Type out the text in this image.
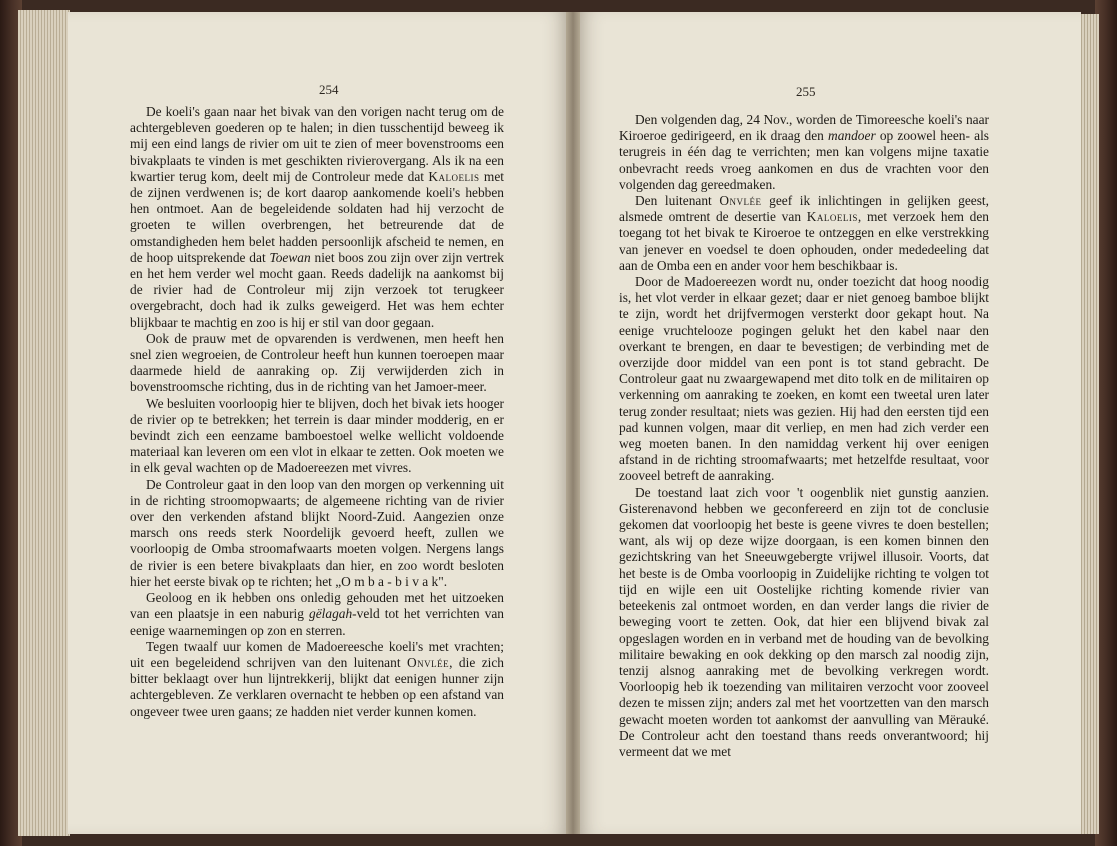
254	255

De koeli's gaan naar het bivak van den vorigen nacht terug om de achtergebleven goederen op te halen; in dien tusschentijd beweeg ik mij een eind langs de rivier om uit te zien of meer bovenstrooms een bivakplaats te vinden is met geschikten rivierovergang. Als ik na een kwartier terug kom, deelt mij de Controleur mede dat Kaloelis met de zijnen verdwenen is; de kort daarop aankomende koeli's hebben hen ontmoet. Aan de begeleidende soldaten had hij verzocht de groeten te willen overbrengen, het betreurende dat de omstandigheden hem belet hadden persoonlijk afscheid te nemen, en de hoop uitsprekende dat Toewan niet boos zou zijn over zijn vertrek en het hem verder wel mocht gaan. Reeds dadelijk na aankomst bij de rivier had de Controleur mij zijn verzoek tot terugkeer overgebracht, doch had ik zulks geweigerd. Het was hem echter blijkbaar te machtig en zoo is hij er stil van door gegaan.

Ook de prauw met de opvarenden is verdwenen, men heeft hen snel zien wegroeien, de Controleur heeft hun kunnen toeroepen maar daarmede hield de aanraking op. Zij verwijderden zich in bovenstroomsche richting, dus in de richting van het Jamoer-meer.

We besluiten voorloopig hier te blijven, doch het bivak iets hooger de rivier op te betrekken; het terrein is daar minder modderig, en er bevindt zich een eenzame bamboestoel welke wellicht voldoende materiaal kan leveren om een vlot in elkaar te zetten. Ook moeten we in elk geval wachten op de Madoereezen met vivres.

De Controleur gaat in den loop van den morgen op verkenning uit in de richting stroomopwaarts; de algemeene richting van de rivier over den verkenden afstand blijkt Noord-Zuid. Aangezien onze marsch ons reeds sterk Noordelijk gevoerd heeft, zullen we voorloopig de Omba stroomafwaarts moeten volgen. Nergens langs de rivier is een betere bivakplaats dan hier, en zoo wordt besloten hier het eerste bivak op te richten; het „O m b a - b i v a k".

Geoloog en ik hebben ons onledig gehouden met het uitzoeken van een plaatsje in een naburig gëlagah-veld tot het verrichten van eenige waarnemingen op zon en sterren.

Tegen twaalf uur komen de Madoereesche koeli's met vrachten; uit een begeleidend schrijven van den luitenant Onvlée, die zich bitter beklaagt over hun lijntrekkerij, blijkt dat eenigen hunner zijn achtergebleven. Ze verklaren overnacht te hebben op een afstand van ongeveer twee uren gaans; ze hadden niet verder kunnen komen.

Den volgenden dag, 24 Nov., worden de Timoreesche koeli's naar Kiroeroe gedirigeerd, en ik draag den mandoer op zoowel heen- als terugreis in één dag te verrichten; men kan volgens mijne taxatie onbevracht reeds vroeg aankomen en dus de vrachten voor den volgenden dag gereedmaken.

Den luitenant Onvlée geef ik inlichtingen in gelijken geest, alsmede omtrent de desertie van Kaloelis, met verzoek hem den toegang tot het bivak te Kiroeroe te ontzeggen en elke verstrekking van jenever en voedsel te doen ophouden, onder mededeeling dat aan de Omba een en ander voor hem beschikbaar is.

Door de Madoereezen wordt nu, onder toezicht dat hoog noodig is, het vlot verder in elkaar gezet; daar er niet genoeg bamboe blijkt te zijn, wordt het drijfvermogen versterkt door gekapt hout. Na eenige vruchtelooze pogingen gelukt het den kabel naar den overkant te brengen, en daar te bevestigen; de verbinding met de overzijde door middel van een pont is tot stand gebracht. De Controleur gaat nu zwaargewapend met dito tolk en de militairen op verkenning om aanraking te zoeken, en komt een tweetal uren later terug zonder resultaat; niets was gezien. Hij had den eersten tijd een pad kunnen volgen, maar dit verliep, en men had zich verder een weg moeten banen. In den namiddag verkent hij over eenigen afstand in de richting stroomafwaarts; met hetzelfde resultaat, voor zooveel betreft de aanraking.

De toestand laat zich voor 't oogenblik niet gunstig aanzien. Gisterenavond hebben we geconfereerd en zijn tot de conclusie gekomen dat voorloopig het beste is geene vivres te doen bestellen; want, als wij op deze wijze doorgaan, is een komen binnen den gezichtskring van het Sneeuwgebergte vrijwel illusoir. Voorts, dat het beste is de Omba voorloopig in Zuidelijke richting te volgen tot tijd en wijle een uit Oostelijke richting komende rivier van beteekenis zal ontmoet worden, en dan verder langs die rivier de beweging voort te zetten. Ook, dat hier een blijvend bivak zal opgeslagen worden en in verband met de houding van de bevolking militaire bewaking en ook dekking op den marsch zal noodig zijn, tenzij alsnog aanraking met de bevolking verkregen wordt. Voorloopig heb ik toezending van militairen verzocht voor zooveel dezen te missen zijn; anders zal met het voortzetten van den marsch gewacht moeten worden tot aankomst der aanvulling van Mërauké. De Controleur acht den toestand thans reeds onverantwoord; hij vermeent dat we met
